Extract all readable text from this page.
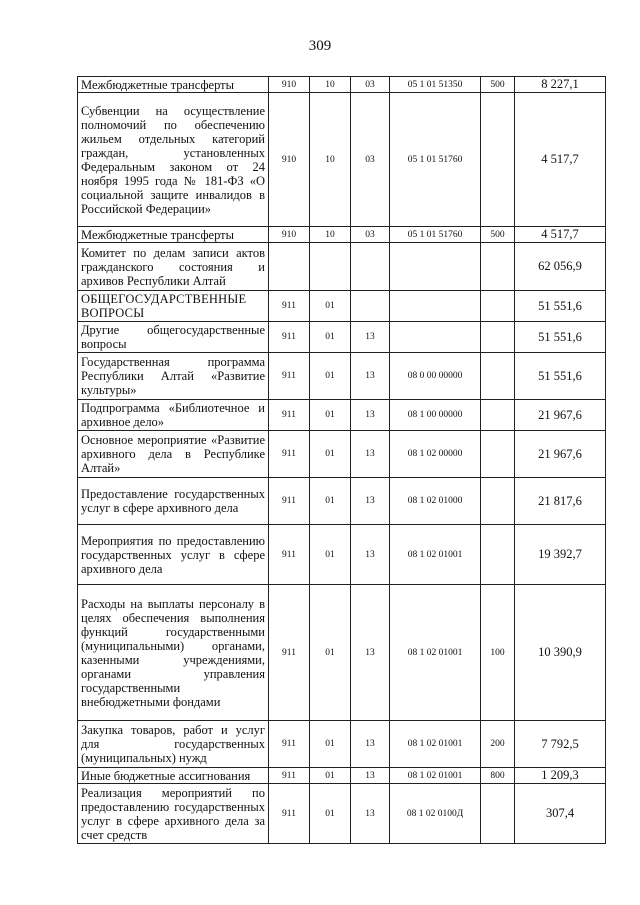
309
Межбюджетные трансферты	910	10	03	05 1 01 51350	500	8 227,1
Субвенции на осуществление полномочий по обеспечению жильем отдельных категорий граждан, установленных Федеральным законом от 24 ноября 1995 года № 181-ФЗ «О социальной защите инвалидов в Российской Федерации»	910	10	03	05 1 01 51760		4 517,7
Межбюджетные трансферты	910	10	03	05 1 01 51760	500	4 517,7
Комитет по делам записи актов гражданского состояния и архивов Республики Алтай						62 056,9
ОБЩЕГОСУДАРСТВЕННЫЕ ВОПРОСЫ	911	01				51 551,6
Другие общегосударственные вопросы	911	01	13			51 551,6
Государственная программа Республики Алтай «Развитие культуры»	911	01	13	08 0 00 00000		51 551,6
Подпрограмма «Библиотечное и архивное дело»	911	01	13	08 1 00 00000		21 967,6
Основное мероприятие «Развитие архивного дела в Республике Алтай»	911	01	13	08 1 02 00000		21 967,6
Предоставление государственных услуг в сфере архивного дела	911	01	13	08 1 02 01000		21 817,6
Мероприятия по предоставлению государственных услуг в сфере архивного дела	911	01	13	08 1 02 01001		19 392,7
Расходы на выплаты персоналу в целях обеспечения выполнения функций государственными (муниципальными) органами, казенными учреждениями, органами управления государственными внебюджетными фондами	911	01	13	08 1 02 01001	100	10 390,9
Закупка товаров, работ и услуг для государственных (муниципальных) нужд	911	01	13	08 1 02 01001	200	7 792,5
Иные бюджетные ассигнования	911	01	13	08 1 02 01001	800	1 209,3
Реализация мероприятий по предоставлению государственных услуг в сфере архивного дела за счет средств	911	01	13	08 1 02 0100Д		307,4
